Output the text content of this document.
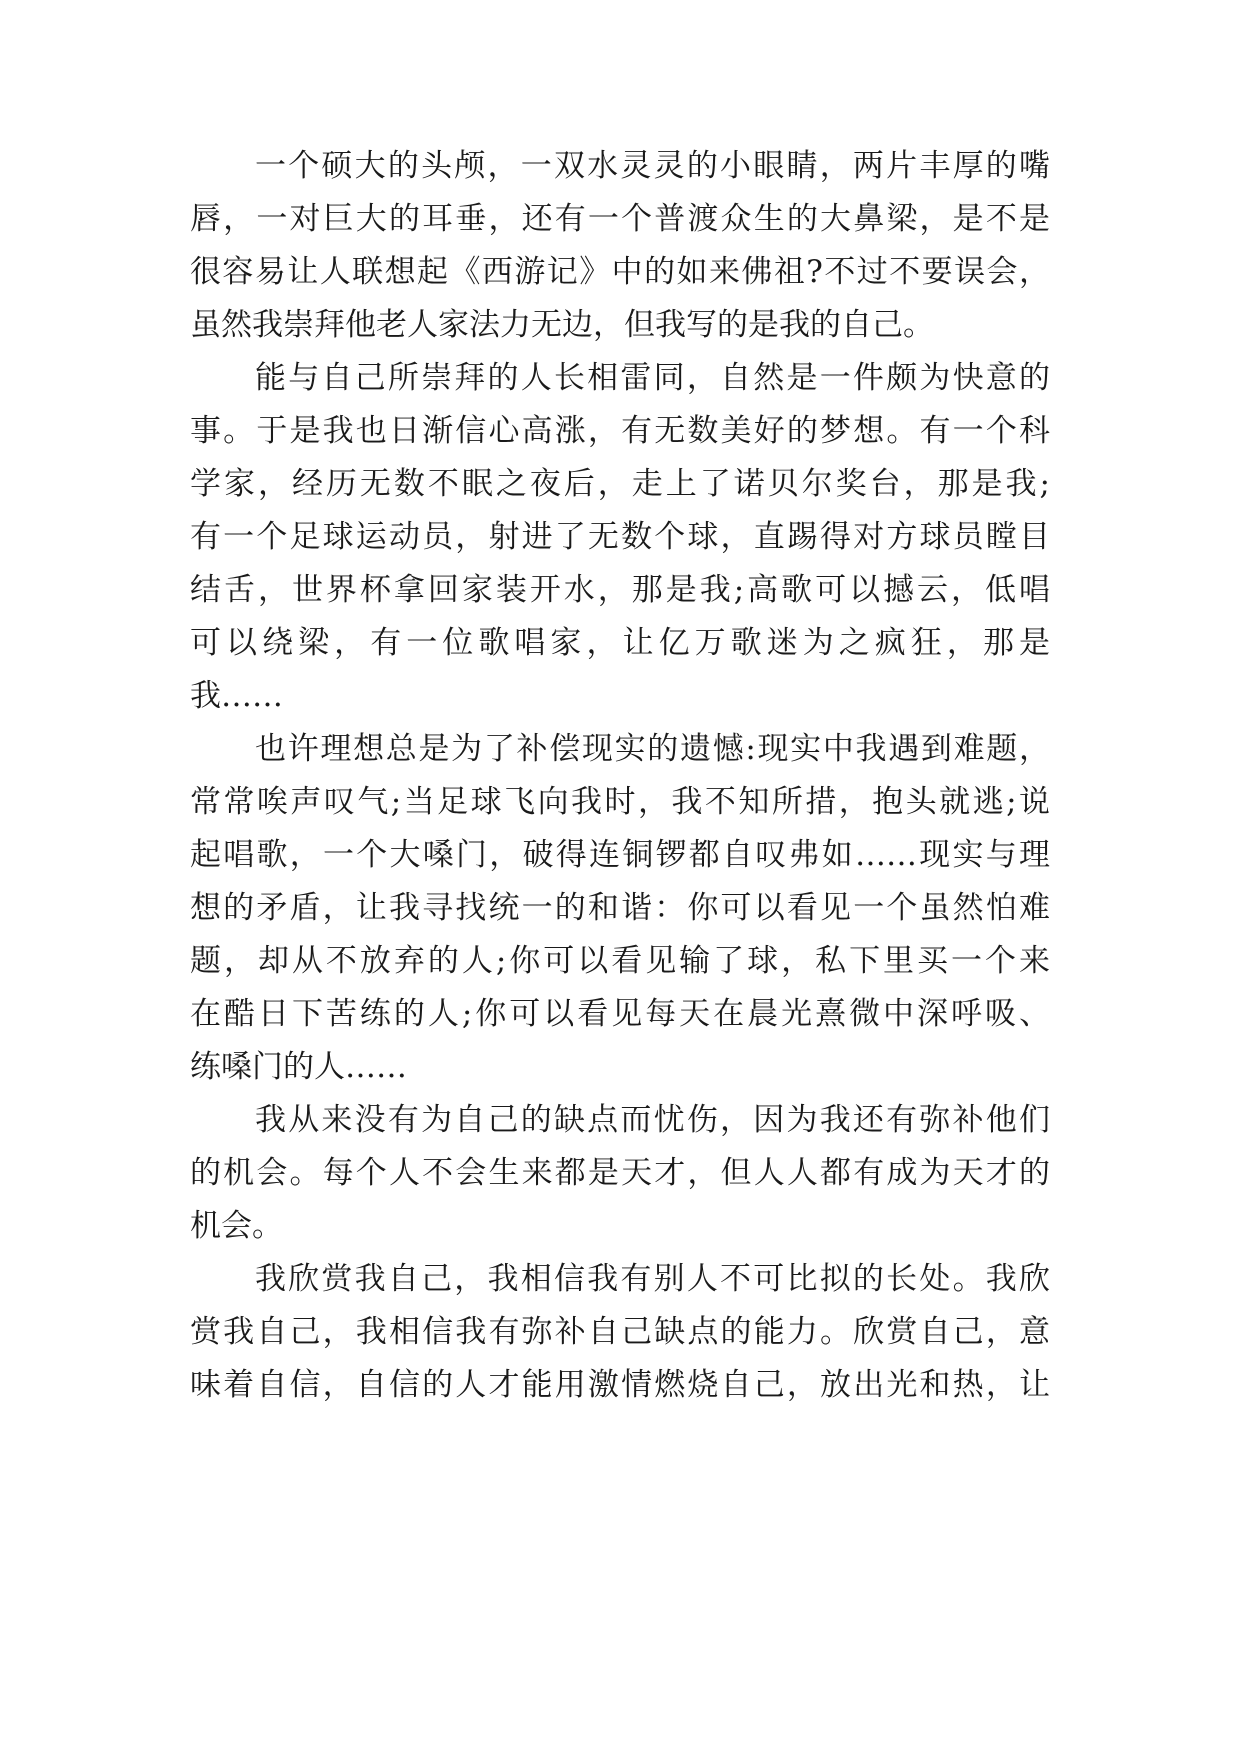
一个硕大的头颅，一双水灵灵的小眼睛，两片丰厚的嘴
唇，一对巨大的耳垂，还有一个普渡众生的大鼻梁，是不是
很容易让人联想起《西游记》中的如来佛祖?不过不要误会，
虽然我崇拜他老人家法力无边，但我写的是我的自己。
能与自己所崇拜的人长相雷同，自然是一件颇为快意的
事。于是我也日渐信心高涨，有无数美好的梦想。有一个科
学家，经历无数不眠之夜后，走上了诺贝尔奖台，那是我;
有一个足球运动员，射进了无数个球，直踢得对方球员瞠目
结舌，世界杯拿回家装开水，那是我;高歌可以撼云，低唱
可以绕梁，有一位歌唱家，让亿万歌迷为之疯狂，那是
我……
也许理想总是为了补偿现实的遗憾:现实中我遇到难题，
常常唉声叹气;当足球飞向我时，我不知所措，抱头就逃;说
起唱歌，一个大嗓门，破得连铜锣都自叹弗如……现实与理
想的矛盾，让我寻找统一的和谐：你可以看见一个虽然怕难
题，却从不放弃的人;你可以看见输了球，私下里买一个来
在酷日下苦练的人;你可以看见每天在晨光熹微中深呼吸、
练嗓门的人……
我从来没有为自己的缺点而忧伤，因为我还有弥补他们
的机会。每个人不会生来都是天才，但人人都有成为天才的
机会。
我欣赏我自己，我相信我有别人不可比拟的长处。我欣
赏我自己，我相信我有弥补自己缺点的能力。欣赏自己，意
味着自信，自信的人才能用激情燃烧自己，放出光和热，让
